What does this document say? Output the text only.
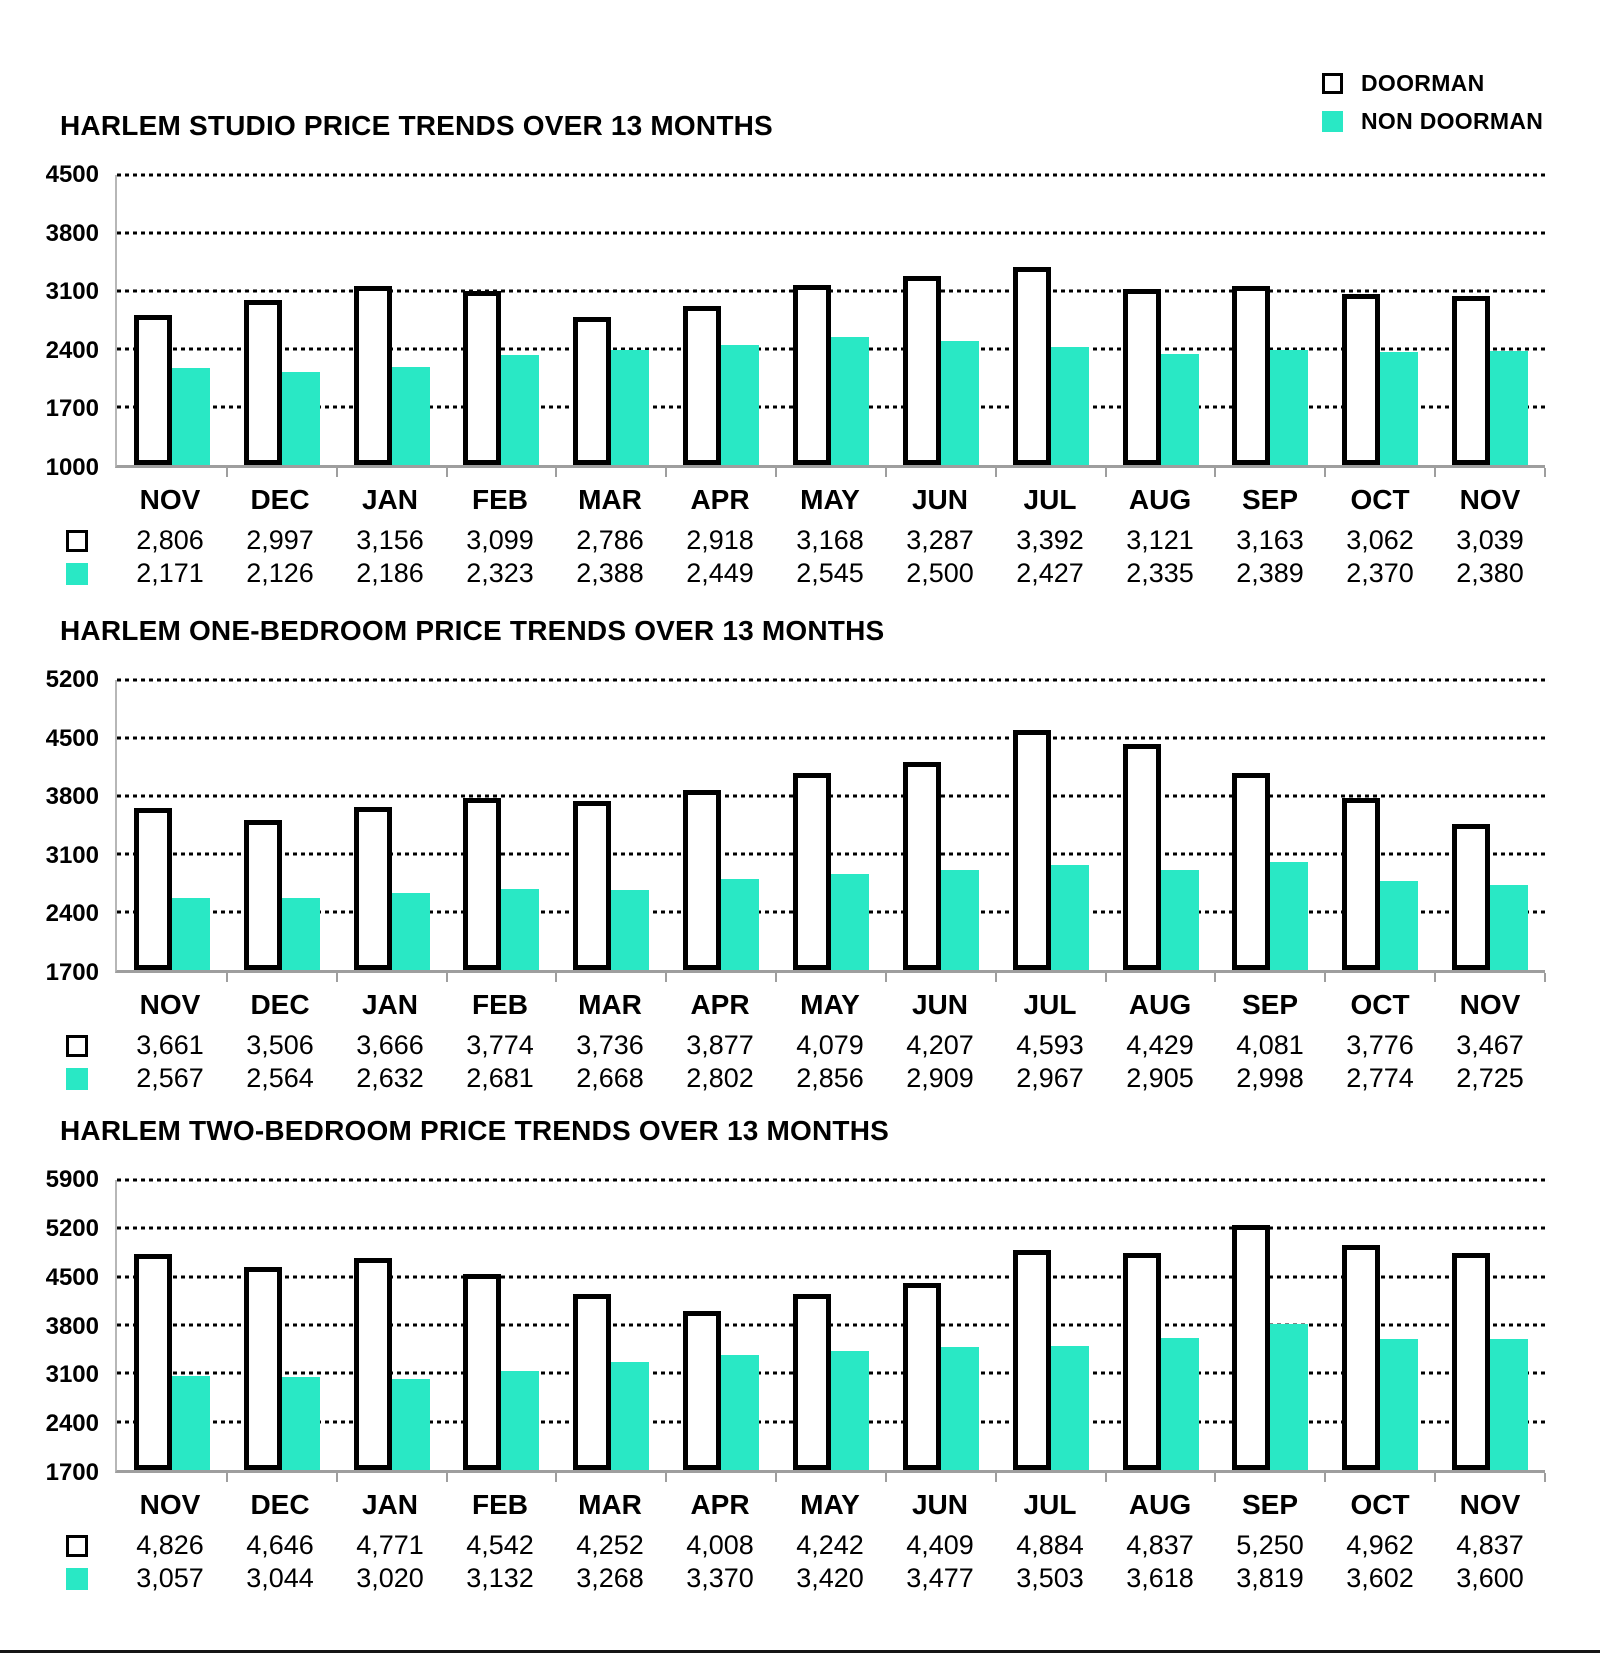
DOORMAN
NON DOORMAN
HARLEM STUDIO PRICE TRENDS OVER 13 MONTHS
4500
3800
3100
2400
1700
1000
NOV	DEC	JAN	FEB	MAR	APR	MAY	JUN	JUL	AUG	SEP	OCT	NOV
2,806	2,997	3,156	3,099	2,786	2,918	3,168	3,287	3,392	3,121	3,163	3,062	3,039
2,171	2,126	2,186	2,323	2,388	2,449	2,545	2,500	2,427	2,335	2,389	2,370	2,380
HARLEM ONE-BEDROOM PRICE TRENDS OVER 13 MONTHS
5200
4500
3800
3100
2400
1700
NOV	DEC	JAN	FEB	MAR	APR	MAY	JUN	JUL	AUG	SEP	OCT	NOV
3,661	3,506	3,666	3,774	3,736	3,877	4,079	4,207	4,593	4,429	4,081	3,776	3,467
2,567	2,564	2,632	2,681	2,668	2,802	2,856	2,909	2,967	2,905	2,998	2,774	2,725
HARLEM TWO-BEDROOM PRICE TRENDS OVER 13 MONTHS
5900
5200
4500
3800
3100
2400
1700
NOV	DEC	JAN	FEB	MAR	APR	MAY	JUN	JUL	AUG	SEP	OCT	NOV
4,826	4,646	4,771	4,542	4,252	4,008	4,242	4,409	4,884	4,837	5,250	4,962	4,837
3,057	3,044	3,020	3,132	3,268	3,370	3,420	3,477	3,503	3,618	3,819	3,602	3,600
